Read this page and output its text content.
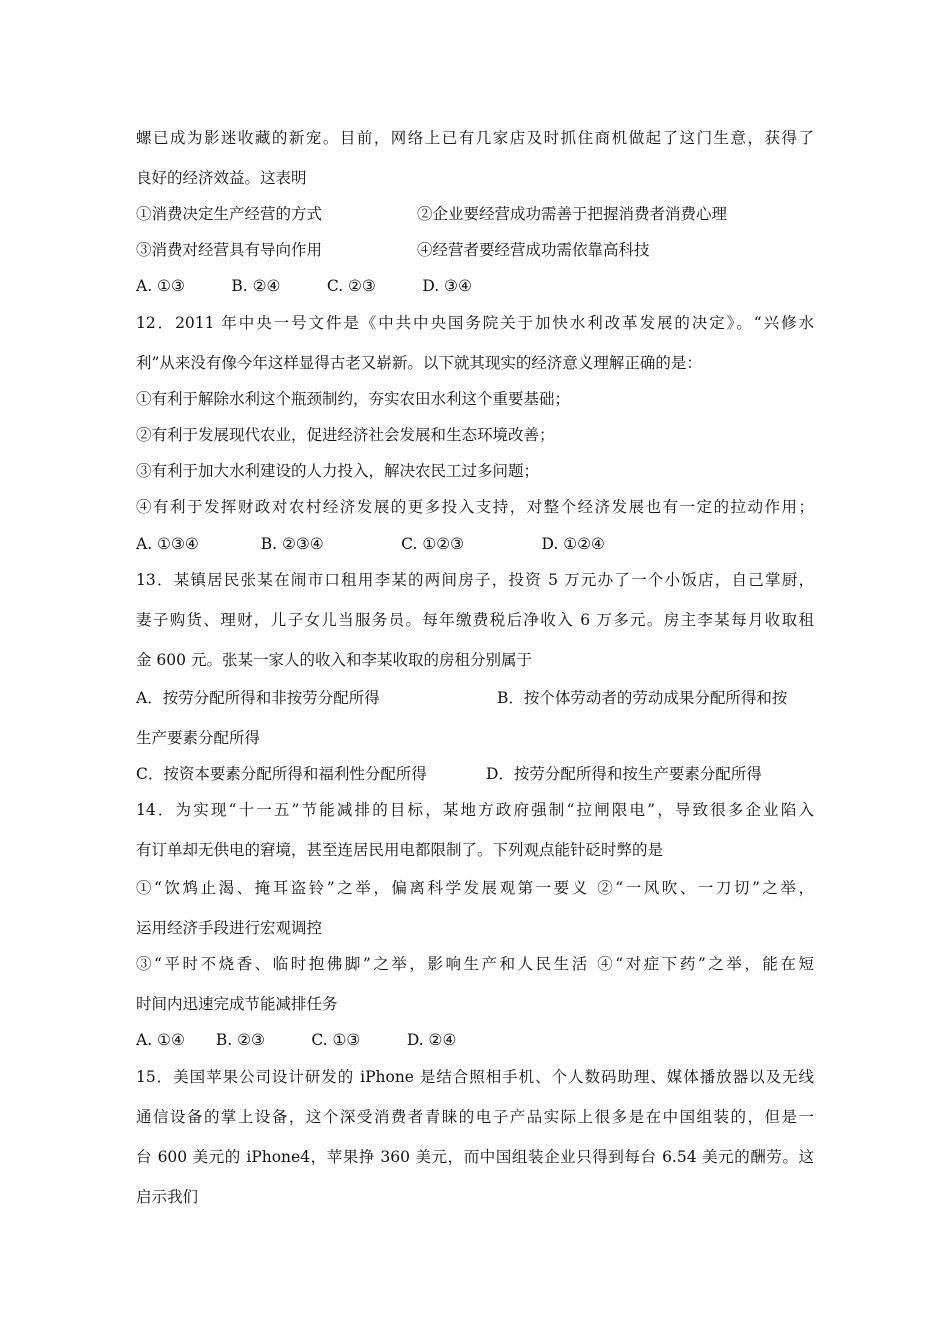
螺已成为影迷收藏的新宠。目前，网络上已有几家店及时抓住商机做起了这门生意，获得了
良好的经济效益。这表明
①消费决定生产经营的方式	②企业要经营成功需善于把握消费者消费心理
③消费对经营具有导向作用	④经营者要经营成功需依靠高科技
A. ①③　　　B. ②④　　　C. ②③　　　D. ③④
12．2011 年中央一号文件是《中共中央国务院关于加快水利改革发展的决定》。“兴修水
利”从来没有像今年这样显得古老又崭新。以下就其现实的经济意义理解正确的是：
①有利于解除水利这个瓶颈制约，夯实农田水利这个重要基础；
②有利于发展现代农业，促进经济社会发展和生态环境改善；
③有利于加大水利建设的人力投入，解决农民工过多问题；
④有利于发挥财政对农村经济发展的更多投入支持，对整个经济发展也有一定的拉动作用；
A. ①③④　　　　B. ②③④　　　　　C. ①②③　　　　　D. ①②④
13．某镇居民张某在闹市口租用李某的两间房子，投资 5 万元办了一个小饭店，自己掌厨，
妻子购货、理财，儿子女儿当服务员。每年缴费税后净收入 6 万多元。房主李某每月收取租
金 600 元。张某一家人的收入和李某收取的房租分别属于
A．按劳分配所得和非按劳分配所得	B．按个体劳动者的劳动成果分配所得和按
生产要素分配所得
C．按资本要素分配所得和福利性分配所得	D．按劳分配所得和按生产要素分配所得
14．为实现“十一五”节能减排的目标，某地方政府强制“拉闸限电”，导致很多企业陷入
有订单却无供电的窘境，甚至连居民用电都限制了。下列观点能针砭时弊的是
①“饮鸩止渴、掩耳盗铃”之举，偏离科学发展观第一要义 ②“一风吹、一刀切”之举，
运用经济手段进行宏观调控
③“平时不烧香、临时抱佛脚”之举，影响生产和人民生活 ④“对症下药”之举，能在短
时间内迅速完成节能减排任务
A. ①④　　B. ②③　　　C. ①③　　　D. ②④
15．美国苹果公司设计研发的 iPhone 是结合照相手机、个人数码助理、媒体播放器以及无线
通信设备的掌上设备，这个深受消费者青睐的电子产品实际上很多是在中国组装的，但是一
台 600 美元的 iPhone4，苹果挣 360 美元，而中国组装企业只得到每台 6.54 美元的酬劳。这
启示我们
